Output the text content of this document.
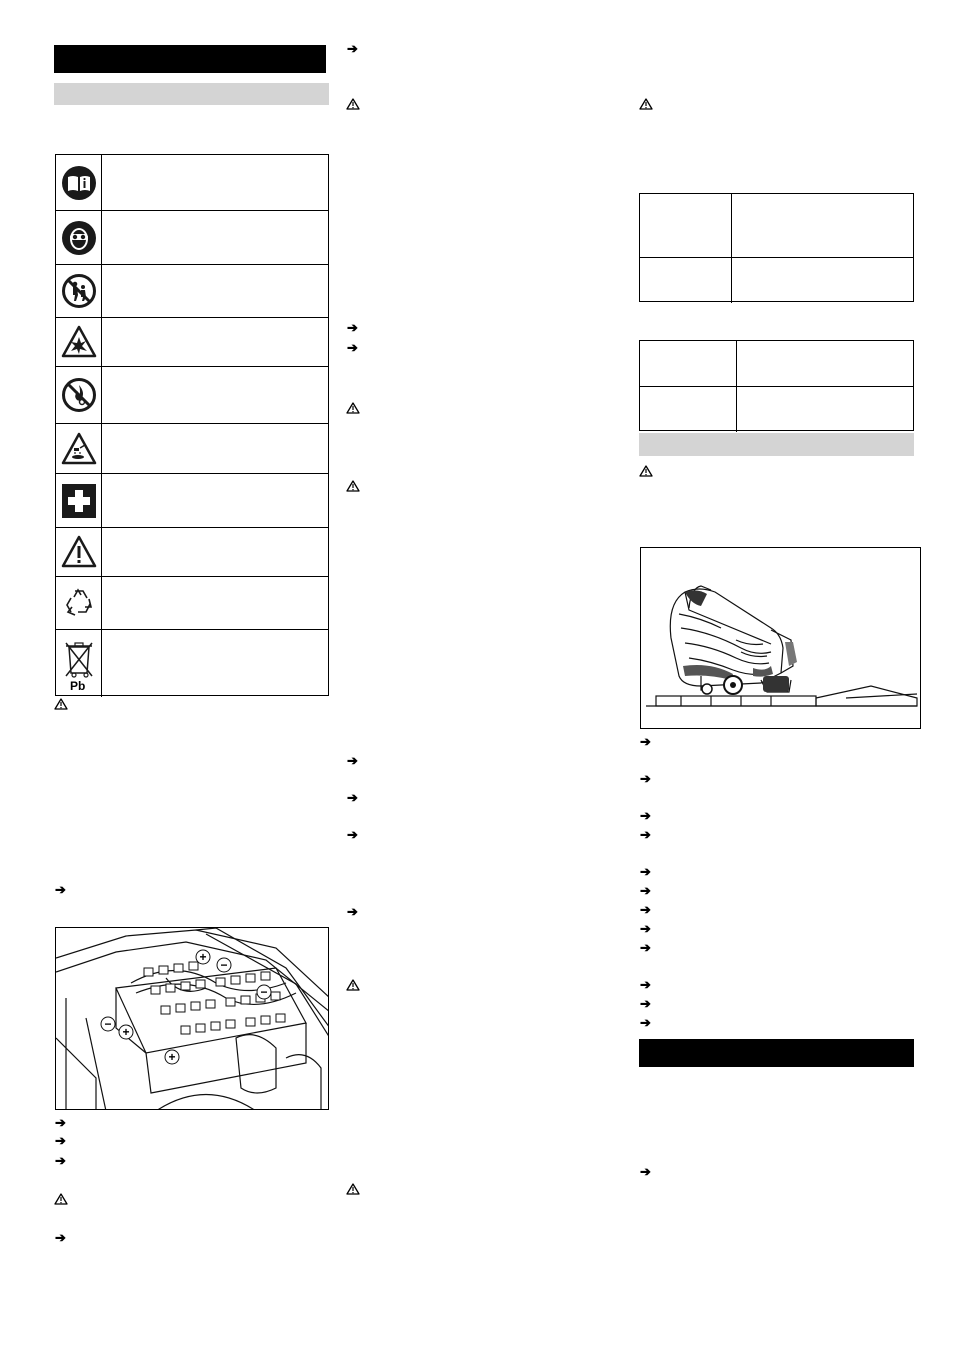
Pb
➔
+
−
−
−
+
+
➔
➔
➔
➔
➔
➔
➔
➔
➔
➔
➔
➔
➔
➔
➔
➔
➔
➔
➔
➔
➔
➔
➔
➔
